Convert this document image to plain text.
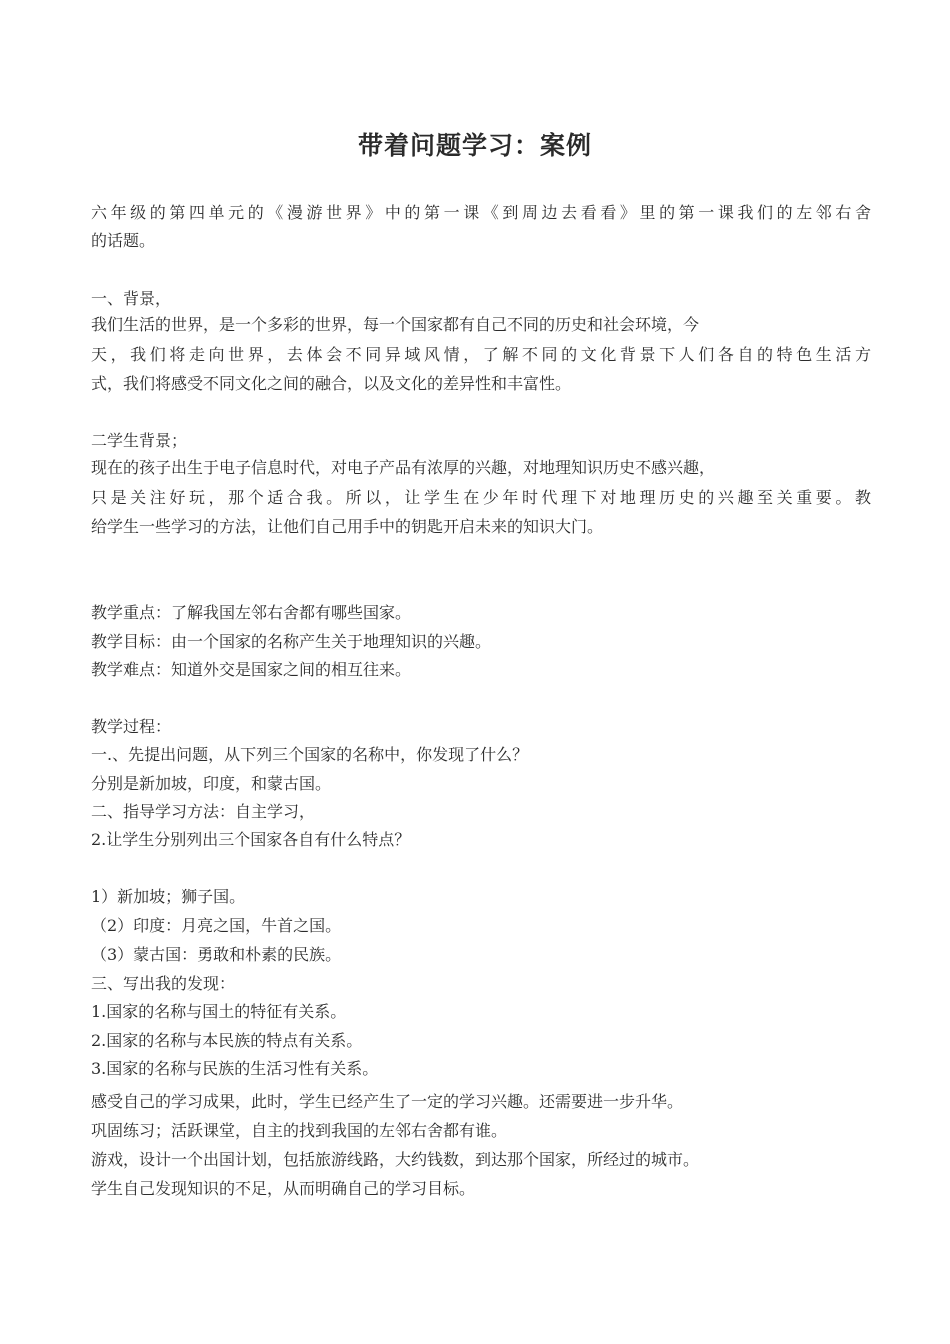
带着问题学习：案例

六年级的第四单元的《漫游世界》中的第一课《到周边去看看》里的第一课我们的左邻右舍

的话题。

一、背景，

我们生活的世界，是一个多彩的世界，每一个国家都有自己不同的历史和社会环境，今

天，我们将走向世界，去体会不同异域风情，了解不同的文化背景下人们各自的特色生活方

式，我们将感受不同文化之间的融合，以及文化的差异性和丰富性。

二学生背景；

现在的孩子出生于电子信息时代，对电子产品有浓厚的兴趣，对地理知识历史不感兴趣，

只是关注好玩，那个适合我。所以，让学生在少年时代理下对地理历史的兴趣至关重要。教

给学生一些学习的方法，让他们自己用手中的钥匙开启未来的知识大门。

教学重点：了解我国左邻右舍都有哪些国家。

教学目标：由一个国家的名称产生关于地理知识的兴趣。

教学难点：知道外交是国家之间的相互往来。

教学过程：

一.、先提出问题，从下列三个国家的名称中，你发现了什么？

分别是新加坡，印度，和蒙古国。

二、指导学习方法：自主学习，

2.让学生分别列出三个国家各自有什么特点？

1）新加坡；狮子国。

（2）印度：月亮之国，牛首之国。

（3）蒙古国：勇敢和朴素的民族。

三、写出我的发现：

1.国家的名称与国土的特征有关系。

2.国家的名称与本民族的特点有关系。

3.国家的名称与民族的生活习性有关系。

感受自己的学习成果，此时，学生已经产生了一定的学习兴趣。还需要进一步升华。

巩固练习；活跃课堂，自主的找到我国的左邻右舍都有谁。

游戏，设计一个出国计划，包括旅游线路，大约钱数，到达那个国家，所经过的城市。

学生自己发现知识的不足，从而明确自己的学习目标。
